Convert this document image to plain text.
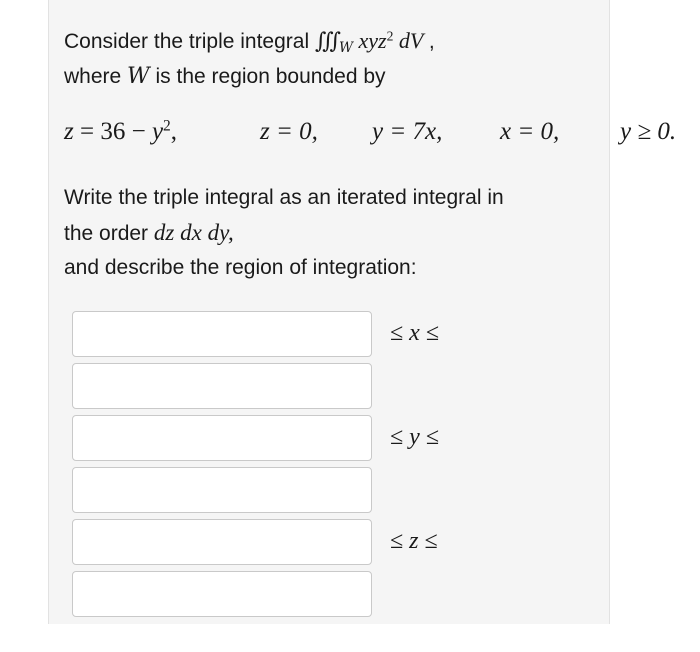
Consider the triple integral ∭ $_W$ xyz$^2$ dV ,
where W is the region bounded by
$z = 36 - y^2$,	z = 0, y = 7x, x = 0, y ≥ 0.
Write the triple integral as an iterated integral in
the order dz dx dy,
and describe the region of integration:
≤ x ≤
≤ y ≤
≤ z ≤
